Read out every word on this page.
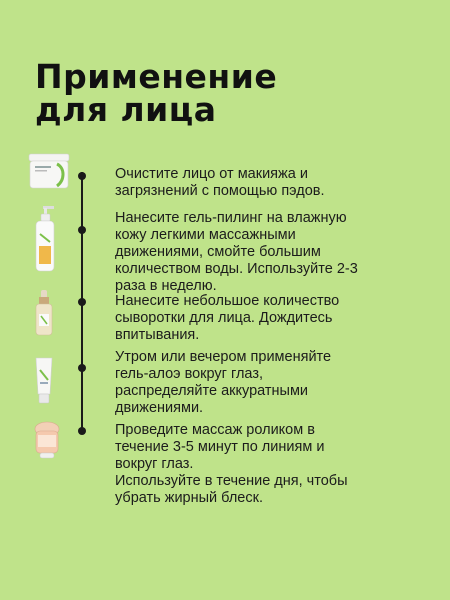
Применение
для лица
Очистите лицо от макияжа и
загрязнений с помощью пэдов.
Нанесите гель-пилинг на влажную
кожу легкими массажными
движениями, смойте большим
количеством воды. Используйте 2-3
раза в неделю.
Нанесите небольшое количество
сыворотки для лица. Дождитесь
впитывания.
Утром или вечером применяйте
гель-алоэ вокруг глаз,
распределяйте аккуратными
движениями.
Проведите массаж роликом в
течение 3-5 минут по линиям и
вокруг глаз.
Используйте в течение дня, чтобы
убрать жирный блеск.
